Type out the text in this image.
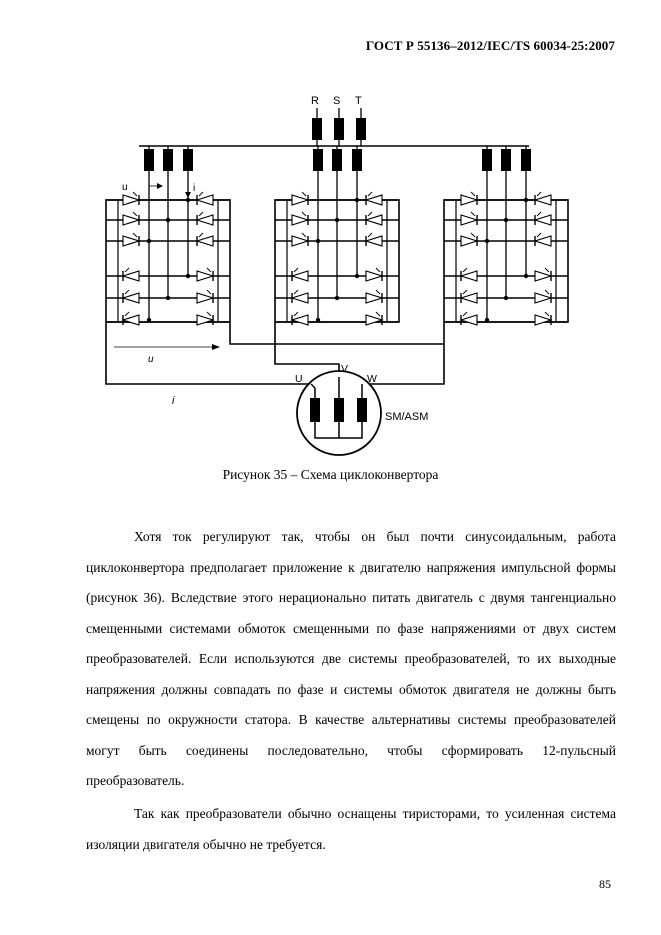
ГОСТ Р 55136–2012/IEC/TS 60034-25:2007
R S T
u
i
u	i
U
V
W
SM/ASM
Рисунок 35 – Схема циклоконвертора
Хотя ток регулируют так, чтобы он был почти синусоидальным, работа циклоконвертора предполагает приложение к двигателю напряжения импульсной формы (рисунок 36). Вследствие этого нерационально питать двигатель с двумя тангенциально смещенными системами обмоток смещенными по фазе напряжениями от двух систем преобразователей. Если используются две системы преобразователей, то их выходные напряжения должны совпадать по фазе и системы обмоток двигателя не должны быть смещены по окружности статора. В качестве альтернативы системы преобразователей могут быть соединены последовательно, чтобы сформировать 12-пульсный преобразователь.
Так как преобразователи обычно оснащены тиристорами, то усиленная система изоляции двигателя обычно не требуется.
85
